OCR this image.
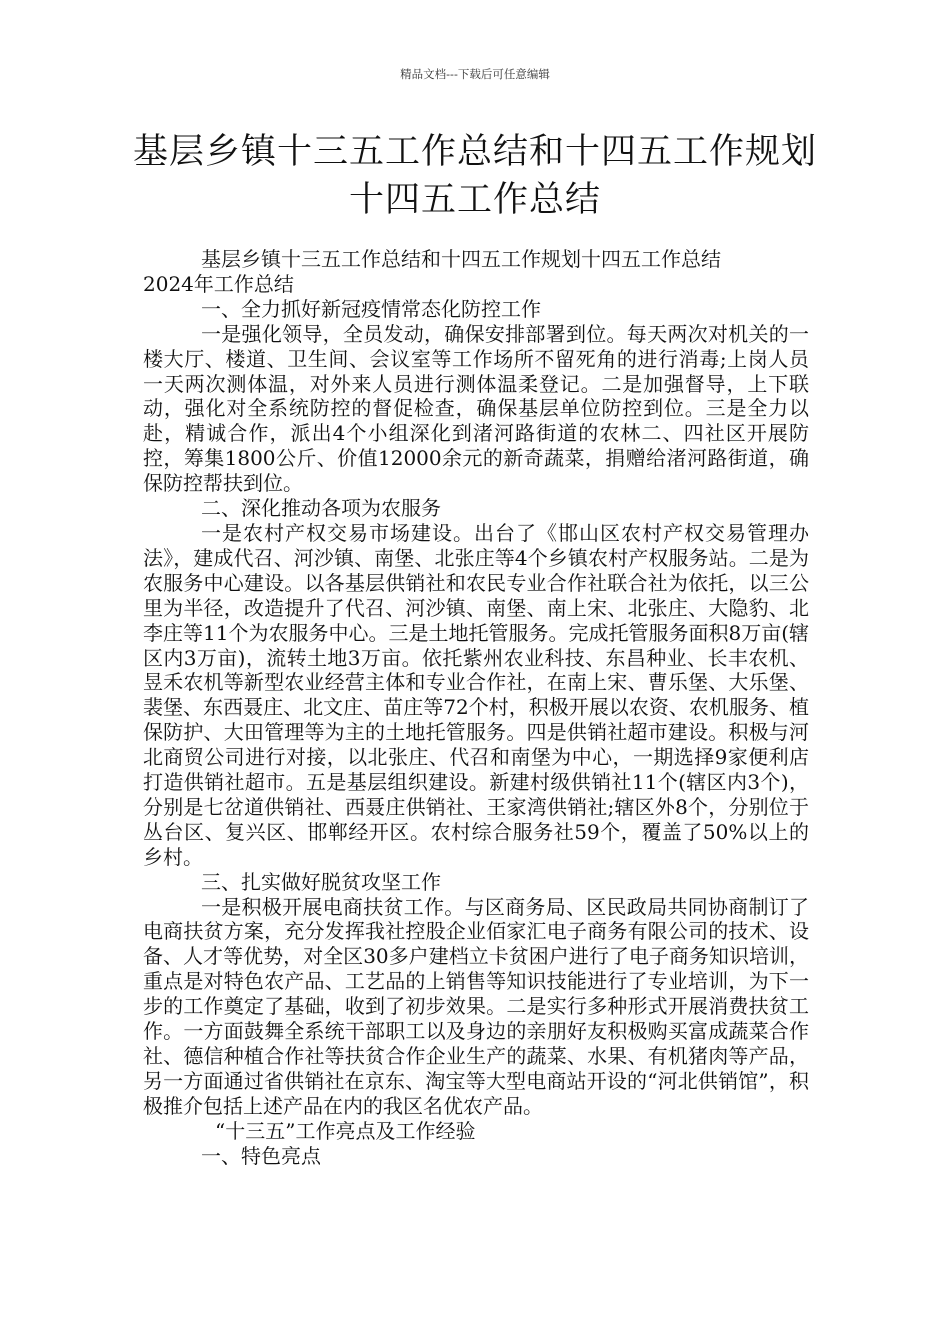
精品文档---下载后可任意编辑
基层乡镇十三五工作总结和十四五工作规划十四五工作总结

基层乡镇十三五工作总结和十四五工作规划十四五工作总结

2024年工作总结

一、全力抓好新冠疫情常态化防控工作

一是强化领导，全员发动，确保安排部署到位。每天两次对机关的一楼大厅、楼道、卫生间、会议室等工作场所不留死角的进行消毒;上岗人员一天两次测体温，对外来人员进行测体温柔登记。二是加强督导，上下联动，强化对全系统防控的督促检查，确保基层单位防控到位。三是全力以赴，精诚合作，派出4个小组深化到渚河路街道的农林二、四社区开展防控，筹集1800公斤、价值12000余元的新奇蔬菜，捐赠给渚河路街道，确保防控帮扶到位。

二、深化推动各项为农服务

一是农村产权交易市场建设。出台了《邯山区农村产权交易管理办法》，建成代召、河沙镇、南堡、北张庄等4个乡镇农村产权服务站。二是为农服务中心建设。以各基层供销社和农民专业合作社联合社为依托，以三公里为半径，改造提升了代召、河沙镇、南堡、南上宋、北张庄、大隐豹、北李庄等11个为农服务中心。三是土地托管服务。完成托管服务面积8万亩(辖区内3万亩)，流转土地3万亩。依托紫州农业科技、东昌种业、长丰农机、昱禾农机等新型农业经营主体和专业合作社，在南上宋、曹乐堡、大乐堡、裴堡、东西聂庄、北文庄、苗庄等72个村，积极开展以农资、农机服务、植保防护、大田管理等为主的土地托管服务。四是供销社超市建设。积极与河北商贸公司进行对接，以北张庄、代召和南堡为中心，一期选择9家便利店打造供销社超市。五是基层组织建设。新建村级供销社11个(辖区内3个)，分别是七岔道供销社、西聂庄供销社、王家湾供销社;辖区外8个，分别位于丛台区、复兴区、邯郸经开区。农村综合服务社59个，覆盖了50%以上的乡村。

三、扎实做好脱贫攻坚工作

一是积极开展电商扶贫工作。与区商务局、区民政局共同协商制订了电商扶贫方案，充分发挥我社控股企业佰家汇电子商务有限公司的技术、设备、人才等优势，对全区30多户建档立卡贫困户进行了电子商务知识培训，重点是对特色农产品、工艺品的上销售等知识技能进行了专业培训，为下一步的工作奠定了基础，收到了初步效果。二是实行多种形式开展消费扶贫工作。一方面鼓舞全系统干部职工以及身边的亲朋好友积极购买富成蔬菜合作社、德信种植合作社等扶贫合作企业生产的蔬菜、水果、有机猪肉等产品，另一方面通过省供销社在京东、淘宝等大型电商站开设的“河北供销馆”，积极推介包括上述产品在内的我区名优农产品。

“十三五”工作亮点及工作经验

一、特色亮点
